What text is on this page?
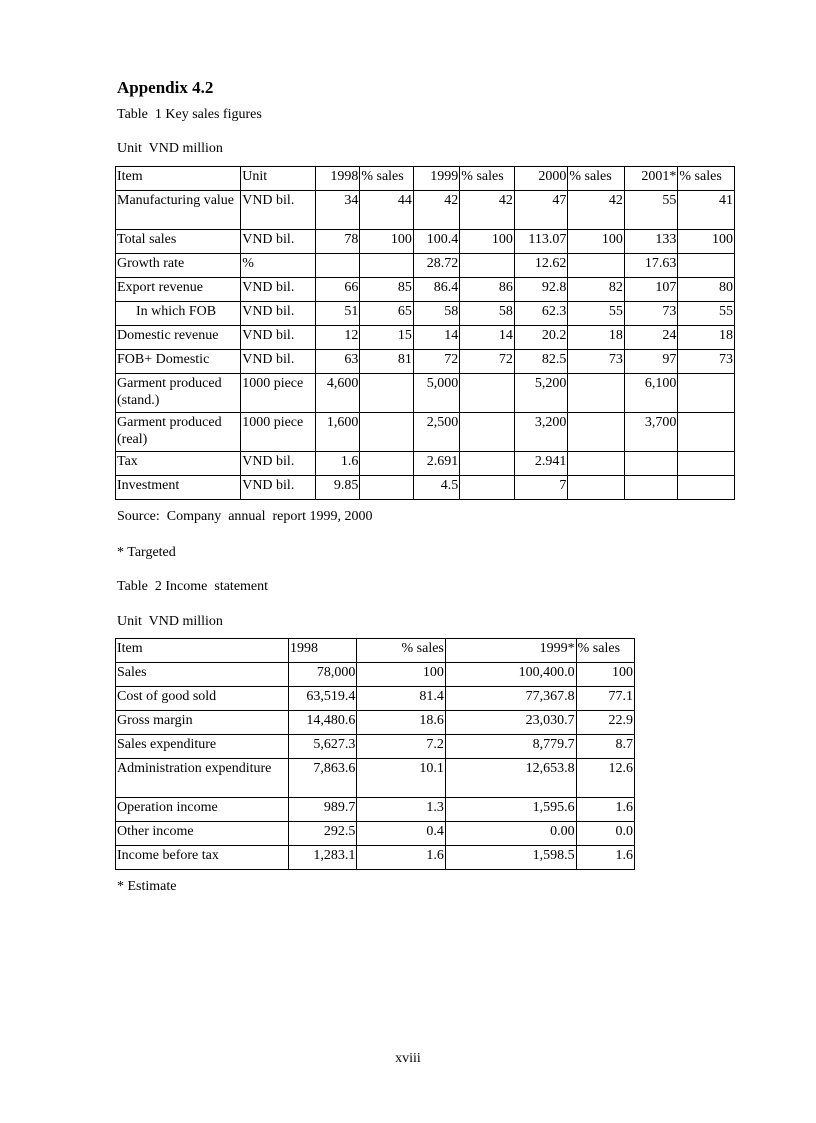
Appendix 4.2
Table  1 Key sales figures
Unit  VND million
Item	Unit	1998	% sales	1999	% sales	2000	% sales	2001*	% sales
Manufacturing value	VND bil.	34	44	42	42	47	42	55	41
Total sales	VND bil.	78	100	100.4	100	113.07	100	133	100
Growth rate	%			28.72		12.62		17.63	
Export revenue	VND bil.	66	85	86.4	86	92.8	82	107	80
In which FOB	VND bil.	51	65	58	58	62.3	55	73	55
Domestic revenue	VND bil.	12	15	14	14	20.2	18	24	18
FOB+ Domestic	VND bil.	63	81	72	72	82.5	73	97	73
Garment produced (stand.)	1000 piece	4,600		5,000		5,200		6,100	
Garment produced (real)	1000 piece	1,600		2,500		3,200		3,700	
Tax	VND bil.	1.6		2.691		2.941			
Investment	VND bil.	9.85		4.5		7			
Source:  Company  annual  report 1999, 2000
* Targeted
Table  2 Income  statement
Unit  VND million
Item	1998	% sales	1999*	% sales
Sales	78,000	100	100,400.0	100
Cost of good sold	63,519.4	81.4	77,367.8	77.1
Gross margin	14,480.6	18.6	23,030.7	22.9
Sales expenditure	5,627.3	7.2	8,779.7	8.7
Administration expenditure	7,863.6	10.1	12,653.8	12.6
Operation income	989.7	1.3	1,595.6	1.6
Other income	292.5	0.4	0.00	0.0
Income before tax	1,283.1	1.6	1,598.5	1.6
* Estimate
xviii
